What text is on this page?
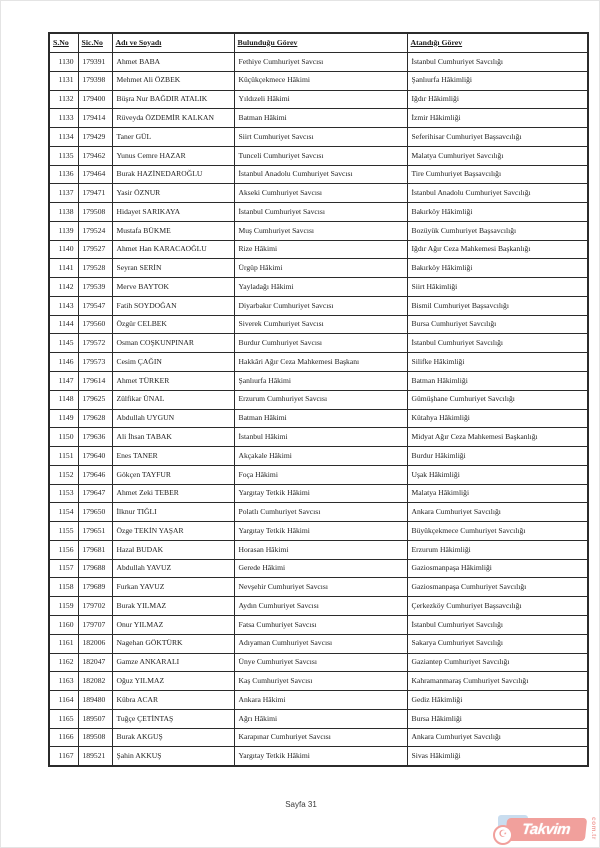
S.No	Sic.No	Adı ve Soyadı	Bulunduğu Görev	Atandığı Görev
1130	179391	Ahmet BABA	Fethiye Cumhuriyet Savcısı	İstanbul Cumhuriyet Savcılığı
1131	179398	Mehmet Ali ÖZBEK	Küçükçekmece Hâkimi	Şanlıurfa Hâkimliği
1132	179400	Büşra Nur BAĞDIR ATALIK	Yıldızeli Hâkimi	Iğdır Hâkimliği
1133	179414	Rüveyda ÖZDEMİR KALKAN	Batman Hâkimi	İzmir Hâkimliği
1134	179429	Taner GÜL	Siirt Cumhuriyet Savcısı	Seferihisar Cumhuriyet Başsavcılığı
1135	179462	Yunus Cemre HAZAR	Tunceli Cumhuriyet Savcısı	Malatya Cumhuriyet Savcılığı
1136	179464	Burak HAZİNEDAROĞLU	İstanbul Anadolu Cumhuriyet Savcısı	Tire Cumhuriyet Başsavcılığı
1137	179471	Yasir ÖZNUR	Akseki Cumhuriyet Savcısı	İstanbul Anadolu Cumhuriyet Savcılığı
1138	179508	Hidayet SARIKAYA	İstanbul Cumhuriyet Savcısı	Bakırköy Hâkimliği
1139	179524	Mustafa BÜKME	Muş Cumhuriyet Savcısı	Bozüyük Cumhuriyet Başsavcılığı
1140	179527	Ahmet Han KARACAOĞLU	Rize Hâkimi	Iğdır Ağır Ceza Mahkemesi Başkanlığı
1141	179528	Seyran SERİN	Ürgüp Hâkimi	Bakırköy Hâkimliği
1142	179539	Merve BAYTOK	Yayladağı Hâkimi	Siirt Hâkimliği
1143	179547	Fatih SOYDOĞAN	Diyarbakır Cumhuriyet Savcısı	Bismil Cumhuriyet Başsavcılığı
1144	179560	Özgür CELBEK	Siverek Cumhuriyet Savcısı	Bursa Cumhuriyet Savcılığı
1145	179572	Osman COŞKUNPINAR	Burdur Cumhuriyet Savcısı	İstanbul Cumhuriyet Savcılığı
1146	179573	Cesim ÇAĞIN	Hakkâri Ağır Ceza Mahkemesi Başkanı	Silifke Hâkimliği
1147	179614	Ahmet TÜRKER	Şanlıurfa Hâkimi	Batman Hâkimliği
1148	179625	Zülfikar ÜNAL	Erzurum Cumhuriyet Savcısı	Gümüşhane Cumhuriyet Savcılığı
1149	179628	Abdullah UYGUN	Batman Hâkimi	Kütahya Hâkimliği
1150	179636	Ali İhsan TABAK	İstanbul Hâkimi	Midyat Ağır Ceza Mahkemesi Başkanlığı
1151	179640	Enes TANER	Akçakale Hâkimi	Burdur Hâkimliği
1152	179646	Gökçen TAYFUR	Foça Hâkimi	Uşak Hâkimliği
1153	179647	Ahmet Zeki TEBER	Yargıtay Tetkik Hâkimi	Malatya Hâkimliği
1154	179650	İlknur TIĞLI	Polatlı Cumhuriyet Savcısı	Ankara Cumhuriyet Savcılığı
1155	179651	Özge TEKİN YAŞAR	Yargıtay Tetkik Hâkimi	Büyükçekmece Cumhuriyet Savcılığı
1156	179681	Hazal BUDAK	Horasan Hâkimi	Erzurum Hâkimliği
1157	179688	Abdullah YAVUZ	Gerede Hâkimi	Gaziosmanpaşa Hâkimliği
1158	179689	Furkan YAVUZ	Nevşehir Cumhuriyet Savcısı	Gaziosmanpaşa Cumhuriyet Savcılığı
1159	179702	Burak YILMAZ	Aydın Cumhuriyet Savcısı	Çerkezköy Cumhuriyet Başsavcılığı
1160	179707	Onur YILMAZ	Fatsa Cumhuriyet Savcısı	İstanbul Cumhuriyet Savcılığı
1161	182006	Nagehan GÖKTÜRK	Adıyaman Cumhuriyet Savcısı	Sakarya Cumhuriyet Savcılığı
1162	182047	Gamze ANKARALI	Ünye Cumhuriyet Savcısı	Gaziantep Cumhuriyet Savcılığı
1163	182082	Oğuz YILMAZ	Kaş Cumhuriyet Savcısı	Kahramanmaraş Cumhuriyet Savcılığı
1164	189480	Kübra ACAR	Ankara Hâkimi	Gediz Hâkimliği
1165	189507	Tuğçe ÇETİNTAŞ	Ağrı Hâkimi	Bursa Hâkimliği
1166	189508	Burak AKGUŞ	Karapınar Cumhuriyet Savcısı	Ankara Cumhuriyet Savcılığı
1167	189521	Şahin AKKUŞ	Yargıtay Tetkik Hâkimi	Sivas Hâkimliği
Sayfa 31
Takvim
☪	com.tr
